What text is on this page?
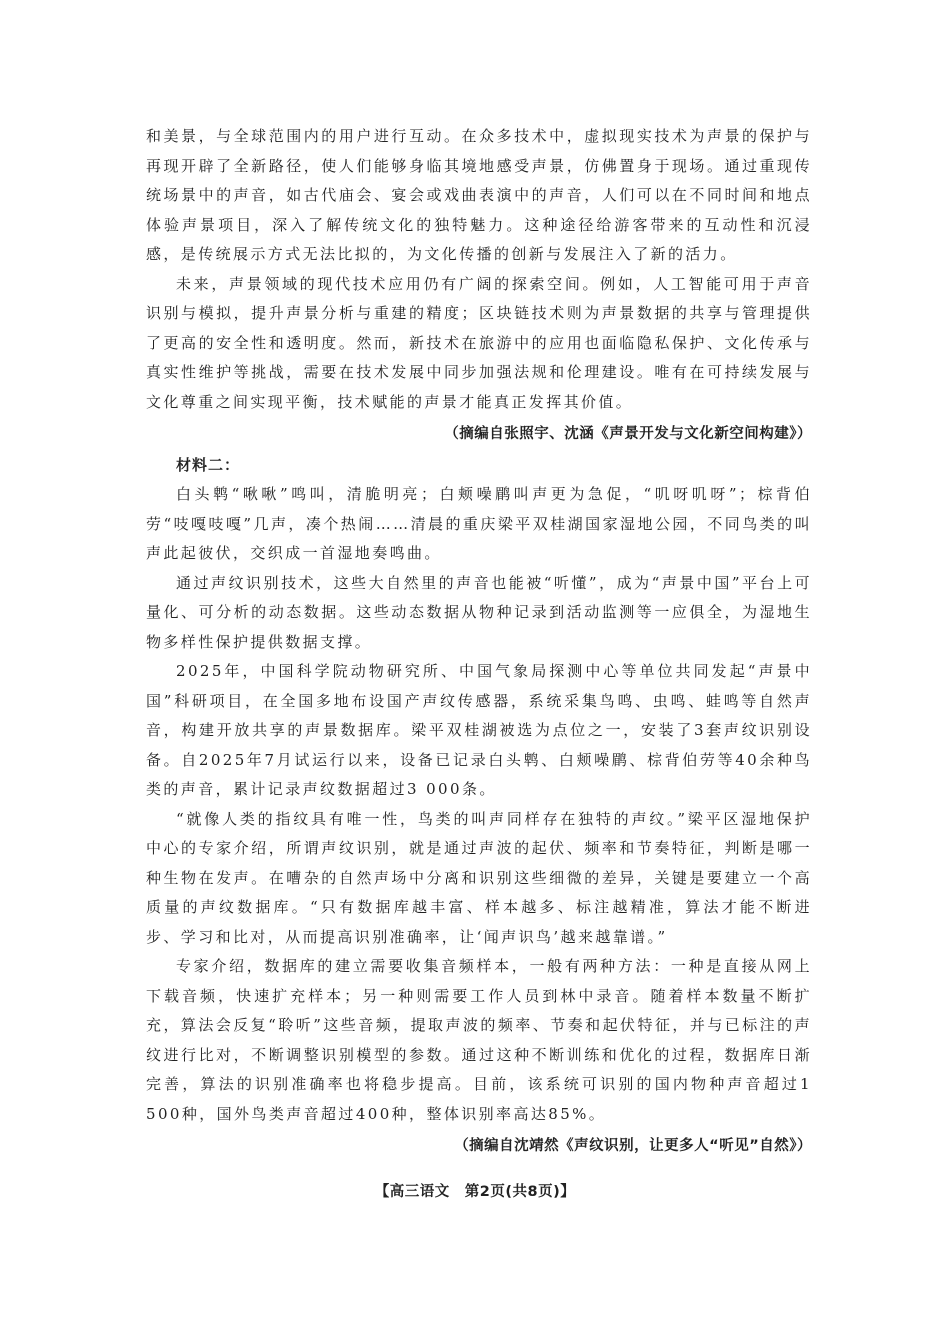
和美景，与全球范围内的用户进行互动。在众多技术中，虚拟现实技术为声景的保护与再现开辟了全新路径，使人们能够身临其境地感受声景，仿佛置身于现场。通过重现传统场景中的声音，如古代庙会、宴会或戏曲表演中的声音，人们可以在不同时间和地点体验声景项目，深入了解传统文化的独特魅力。这种途径给游客带来的互动性和沉浸感，是传统展示方式无法比拟的，为文化传播的创新与发展注入了新的活力。

未来，声景领域的现代技术应用仍有广阔的探索空间。例如，人工智能可用于声音识别与模拟，提升声景分析与重建的精度；区块链技术则为声景数据的共享与管理提供了更高的安全性和透明度。然而，新技术在旅游中的应用也面临隐私保护、文化传承与真实性维护等挑战，需要在技术发展中同步加强法规和伦理建设。唯有在可持续发展与文化尊重之间实现平衡，技术赋能的声景才能真正发挥其价值。

（摘编自张照宇、沈涵《声景开发与文化新空间构建》）

材料二：

白头鹎“啾啾”鸣叫，清脆明亮；白颊噪鹛叫声更为急促，“叽呀叽呀”；棕背伯劳“吱嘎吱嘎”几声，凑个热闹……清晨的重庆梁平双桂湖国家湿地公园，不同鸟类的叫声此起彼伏，交织成一首湿地奏鸣曲。

通过声纹识别技术，这些大自然里的声音也能被“听懂”，成为“声景中国”平台上可量化、可分析的动态数据。这些动态数据从物种记录到活动监测等一应俱全，为湿地生物多样性保护提供数据支撑。

2025年，中国科学院动物研究所、中国气象局探测中心等单位共同发起“声景中国”科研项目，在全国多地布设国产声纹传感器，系统采集鸟鸣、虫鸣、蛙鸣等自然声音，构建开放共享的声景数据库。梁平双桂湖被选为点位之一，安装了3套声纹识别设备。自2025年7月试运行以来，设备已记录白头鹎、白颊噪鹛、棕背伯劳等40余种鸟类的声音，累计记录声纹数据超过3 000条。

“就像人类的指纹具有唯一性，鸟类的叫声同样存在独特的声纹。”梁平区湿地保护中心的专家介绍，所谓声纹识别，就是通过声波的起伏、频率和节奏特征，判断是哪一种生物在发声。在嘈杂的自然声场中分离和识别这些细微的差异，关键是要建立一个高质量的声纹数据库。“只有数据库越丰富、样本越多、标注越精准，算法才能不断进步、学习和比对，从而提高识别准确率，让‘闻声识鸟’越来越靠谱。”

专家介绍，数据库的建立需要收集音频样本，一般有两种方法：一种是直接从网上下载音频，快速扩充样本；另一种则需要工作人员到林中录音。随着样本数量不断扩充，算法会反复“聆听”这些音频，提取声波的频率、节奏和起伏特征，并与已标注的声纹进行比对，不断调整识别模型的参数。通过这种不断训练和优化的过程，数据库日渐完善，算法的识别准确率也将稳步提高。目前，该系统可识别的国内物种声音超过1 500种，国外鸟类声音超过400种，整体识别率高达85%。

（摘编自沈靖然《声纹识别，让更多人“听见”自然》）

【高三语文　第2页(共8页)】
